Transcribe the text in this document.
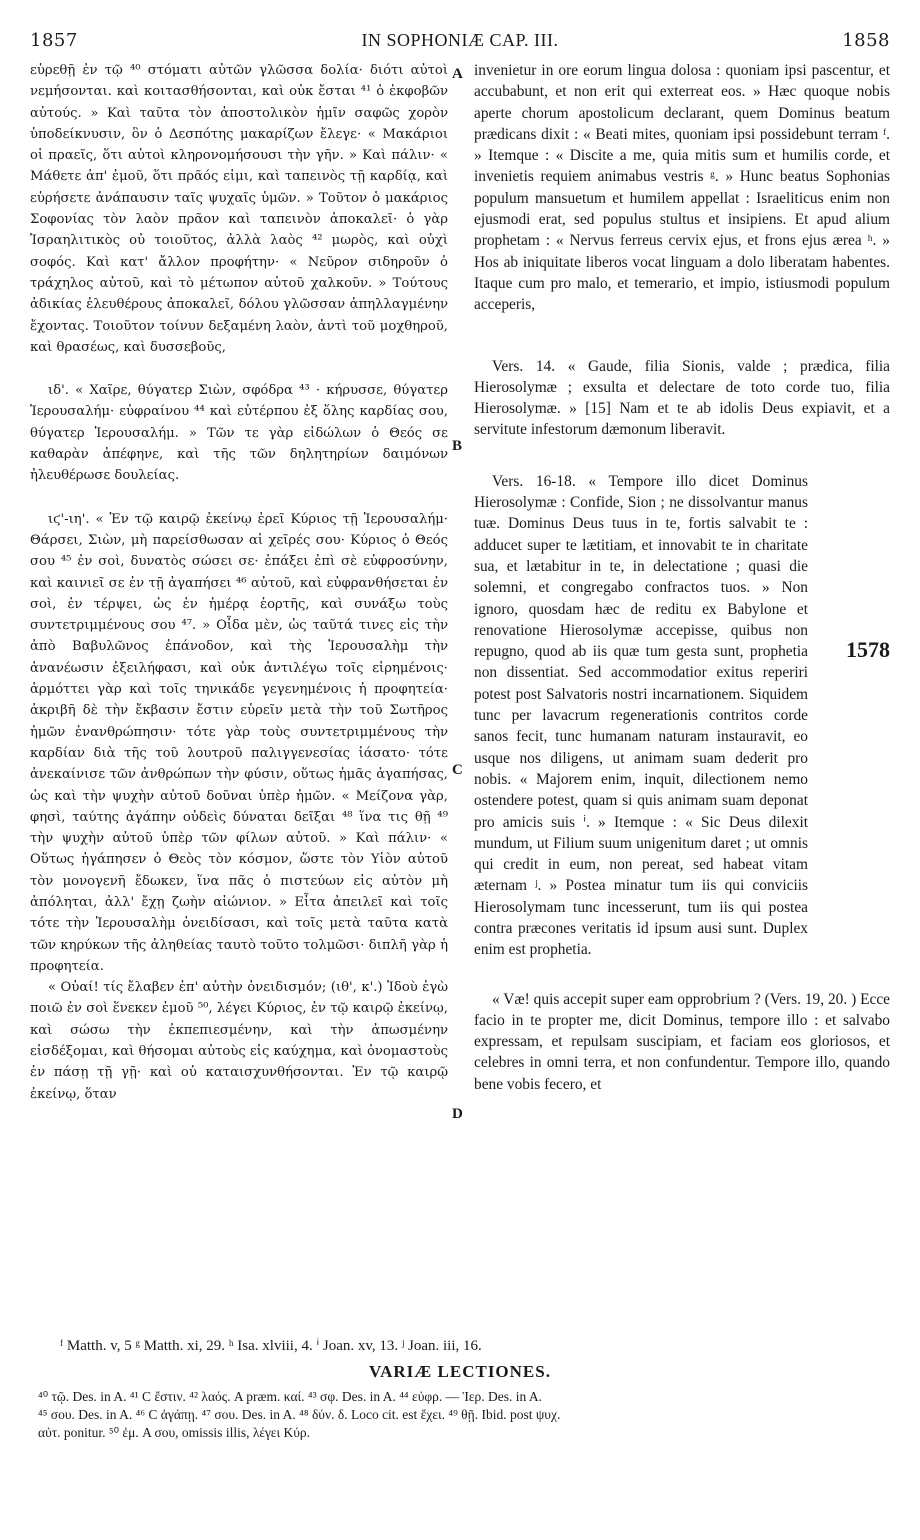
1857	IN SOPHONIÆ CAP. III.	1858

εὑρεθῇ ἐν τῷ ⁴⁰ στόματι αὐτῶν γλῶσσα δολία· διότι αὐτοὶ νεμήσονται. καὶ κοιτασθήσονται, καὶ οὐκ ἔσται ⁴¹ ὁ ἐκφοβῶν αὐτούς. » Καὶ ταῦτα τὸν ἀποστολικὸν ἡμῖν σαφῶς χορὸν ὑποδείκνυσιν, ὃν ὁ Δεσπότης μακαρίζων ἔλεγε· « Μακάριοι οἱ πραεῖς, ὅτι αὐτοὶ κληρονομήσουσι τὴν γῆν. » Καὶ πάλιν· « Μάθετε ἀπ' ἐμοῦ, ὅτι πρᾶός εἰμι, καὶ ταπεινὸς τῇ καρδίᾳ, καὶ εὑρήσετε ἀνάπαυσιν ταῖς ψυχαῖς ὑμῶν. » Τοῦτον ὁ μακάριος Σοφονίας τὸν λαὸν πρᾶον καὶ ταπεινὸν ἀποκαλεῖ· ὁ γὰρ Ἰσραηλιτικὸς οὐ τοιοῦτος, ἀλλὰ λαὸς ⁴² μωρὸς, καὶ οὐχὶ σοφός. Καὶ κατ' ἄλλον προφήτην· « Νεῦρον σιδηροῦν ὁ τράχηλος αὐτοῦ, καὶ τὸ μέτωπον αὐτοῦ χαλκοῦν. » Τούτους ἀδικίας ἐλευθέρους ἀποκαλεῖ, δόλου γλῶσσαν ἀπηλλαγμένην ἔχοντας. Τοιοῦτον τοίνυν δεξαμένη λαὸν, ἀντὶ τοῦ μοχθηροῦ, καὶ θρασέως, καὶ δυσσεβοῦς,

ιδ'. « Χαῖρε, θύγατερ Σιὼν, σφόδρα ⁴³ · κήρυσσε, θύγατερ Ἱερουσαλήμ· εὐφραίνου ⁴⁴ καὶ εὐτέρπου ἐξ ὅλης καρδίας σου, θύγατερ Ἱερουσαλήμ. » Τῶν τε γὰρ εἰδώλων ὁ Θεός σε καθαρὰν ἀπέφηνε, καὶ τῆς τῶν δηλητηρίων δαιμόνων ἠλευθέρωσε δουλείας.

ιϛ'-ιη'. « Ἐν τῷ καιρῷ ἐκείνῳ ἐρεῖ Κύριος τῇ Ἱερουσαλήμ· Θάρσει, Σιὼν, μὴ παρείσθωσαν αἱ χεῖρές σου· Κύριος ὁ Θεός σου ⁴⁵ ἐν σοὶ, δυνατὸς σώσει σε· ἐπάξει ἐπὶ σὲ εὐφροσύνην, καὶ καινιεῖ σε ἐν τῇ ἀγαπήσει ⁴⁶ αὐτοῦ, καὶ εὐφρανθήσεται ἐν σοὶ, ἐν τέρψει, ὡς ἐν ἡμέρᾳ ἑορτῆς, καὶ συνάξω τοὺς συντετριμμένους σου ⁴⁷. » Οἶδα μὲν, ὡς ταῦτά τινες εἰς τὴν ἀπὸ Βαβυλῶνος ἐπάνοδον, καὶ τὴς Ἱερουσαλὴμ τὴν ἀνανέωσιν ἐξειλήφασι, καὶ οὐκ ἀντιλέγω τοῖς εἰρημένοις· ἁρμόττει γὰρ καὶ τοῖς τηνικάδε γεγενημένοις ἡ προφητεία· ἀκριβῆ δὲ τὴν ἔκβασιν ἔστιν εὑρεῖν μετὰ τὴν τοῦ Σωτῆρος ἡμῶν ἐνανθρώπησιν· τότε γὰρ τοὺς συντετριμμένους τὴν καρδίαν διὰ τῆς τοῦ λουτροῦ παλιγγενεσίας ἰάσατο· τότε ἀνεκαίνισε τῶν ἀνθρώπων τὴν φύσιν, οὕτως ἡμᾶς ἀγαπήσας, ὡς καὶ τὴν ψυχὴν αὐτοῦ δοῦναι ὑπὲρ ἡμῶν. « Μείζονα γὰρ, φησὶ, ταύτης ἀγάπην οὐδεὶς δύναται δεῖξαι ⁴⁸ ἵνα τις θῇ ⁴⁹ τὴν ψυχὴν αὐτοῦ ὑπὲρ τῶν φίλων αὐτοῦ. » Καὶ πάλιν· « Οὕτως ἠγάπησεν ὁ Θεὸς τὸν κόσμον, ὥστε τὸν Υἱὸν αὐτοῦ τὸν μονογενῆ ἔδωκεν, ἵνα πᾶς ὁ πιστεύων εἰς αὐτὸν μὴ ἀπόληται, ἀλλ' ἔχῃ ζωὴν αἰώνιον. » Εἶτα ἀπειλεῖ καὶ τοῖς τότε τὴν Ἱερουσαλὴμ ὀνειδίσασι, καὶ τοῖς μετὰ ταῦτα κατὰ τῶν κηρύκων τῆς ἀληθείας ταυτὸ τοῦτο τολμῶσι· διπλῆ γὰρ ἡ προφητεία.

« Οὐαί! τίς ἔλαβεν ἐπ' αὐτὴν ὀνειδισμόν; (ιθ', κ'.) Ἰδοὺ ἐγὼ ποιῶ ἐν σοὶ ἕνεκεν ἐμοῦ ⁵⁰, λέγει Κύριος, ἐν τῷ καιρῷ ἐκείνῳ, καὶ σώσω τὴν ἐκπεπιεσμένην, καὶ τὴν ἀπωσμένην εἰσδέξομαι, καὶ θήσομαι αὐτοὺς εἰς καύχημα, καὶ ὀνομαστοὺς ἐν πάσῃ τῇ γῇ· καὶ οὐ καταισχυνθήσονται. Ἐν τῷ καιρῷ ἐκείνῳ, ὅταν

A
B
C
D

invenietur in ore eorum lingua dolosa : quoniam ipsi pascentur, et accubabunt, et non erit qui exterreat eos. » Hæc quoque nobis aperte chorum apostolicum declarant, quem Dominus beatum prædicans dixit : « Beati mites, quoniam ipsi possidebunt terram ᶠ. » Itemque : « Discite a me, quia mitis sum et humilis corde, et invenietis requiem animabus vestris ᵍ. » Hunc beatus Sophonias populum mansuetum et humilem appellat : Israeliticus enim non ejusmodi erat, sed populus stultus et insipiens. Et apud alium prophetam : « Nervus ferreus cervix ejus, et frons ejus ærea ʰ. » Hos ab iniquitate liberos vocat linguam a dolo liberatam habentes. Itaque cum pro malo, et temerario, et impio, istiusmodi populum acceperis,

Vers. 14. « Gaude, filia Sionis, valde ; prædica, filia Hierosolymæ ; exsulta et delectare de toto corde tuo, filia Hierosolymæ. » [15] Nam et te ab idolis Deus expiavit, et a servitute infestorum dæmonum liberavit.

Vers. 16-18. « Tempore illo dicet Dominus Hierosolymæ : Confide, Sion ; ne dissolvantur manus tuæ. Dominus Deus tuus in te, fortis salvabit te : adducet super te lætitiam, et innovabit te in charitate sua, et lætabitur in te, in delectatione ; quasi die solemni, et congregabo confractos tuos. » Non ignoro, quosdam hæc de reditu ex Babylone et renovatione Hierosolymæ accepisse, quibus non repugno, quod ab iis quæ tum gesta sunt, prophetia non dissentiat. Sed accommodatior exitus reperiri potest post Salvatoris nostri incarnationem. Siquidem tunc per lavacrum regenerationis contritos corde sanos fecit, tunc humanam naturam instauravit, eo usque nos diligens, ut animam suam dederit pro nobis. « Majorem enim, inquit, dilectionem nemo ostendere potest, quam si quis animam suam deponat pro amicis suis ⁱ. » Itemque : « Sic Deus dilexit mundum, ut Filium suum unigenitum daret ; ut omnis qui credit in eum, non pereat, sed habeat vitam æternam ʲ. » Postea minatur tum iis qui conviciis Hierosolymam tunc incesserunt, tum iis qui postea contra præcones veritatis id ipsum ausi sunt. Duplex enim est prophetia.

« Væ! quis accepit super eam opprobrium ? (Vers. 19, 20. ) Ecce facio in te propter me, dicit Dominus, tempore illo : et salvabo expressam, et repulsam suscipiam, et faciam eos gloriosos, et celebres in omni terra, et non confundentur. Tempore illo, quando bene vobis fecero, et

1578
ᶠ Matth. v, 5 ᵍ Matth. xi, 29. ʰ Isa. xlviii, 4. ⁱ Joan. xv, 13. ʲ Joan. iii, 16.
VARIÆ LECTIONES.
⁴⁰ τῷ. Des. in A. ⁴¹ C ἔστιν. ⁴² λαός. A præm. καί. ⁴³ σφ. Des. in A. ⁴⁴ εὐφρ. — Ἱερ. Des. in A.
⁴⁵ σου. Des. in A. ⁴⁶ C ἀγάπῃ. ⁴⁷ σου. Des. in A. ⁴⁸ δύν. δ. Loco cit. est ἔχει. ⁴⁹ θῇ. Ibid. post ψυχ.
αὐτ. ponitur. ⁵⁰ ἐμ. A σου, omissis illis, λέγει Κύρ.
